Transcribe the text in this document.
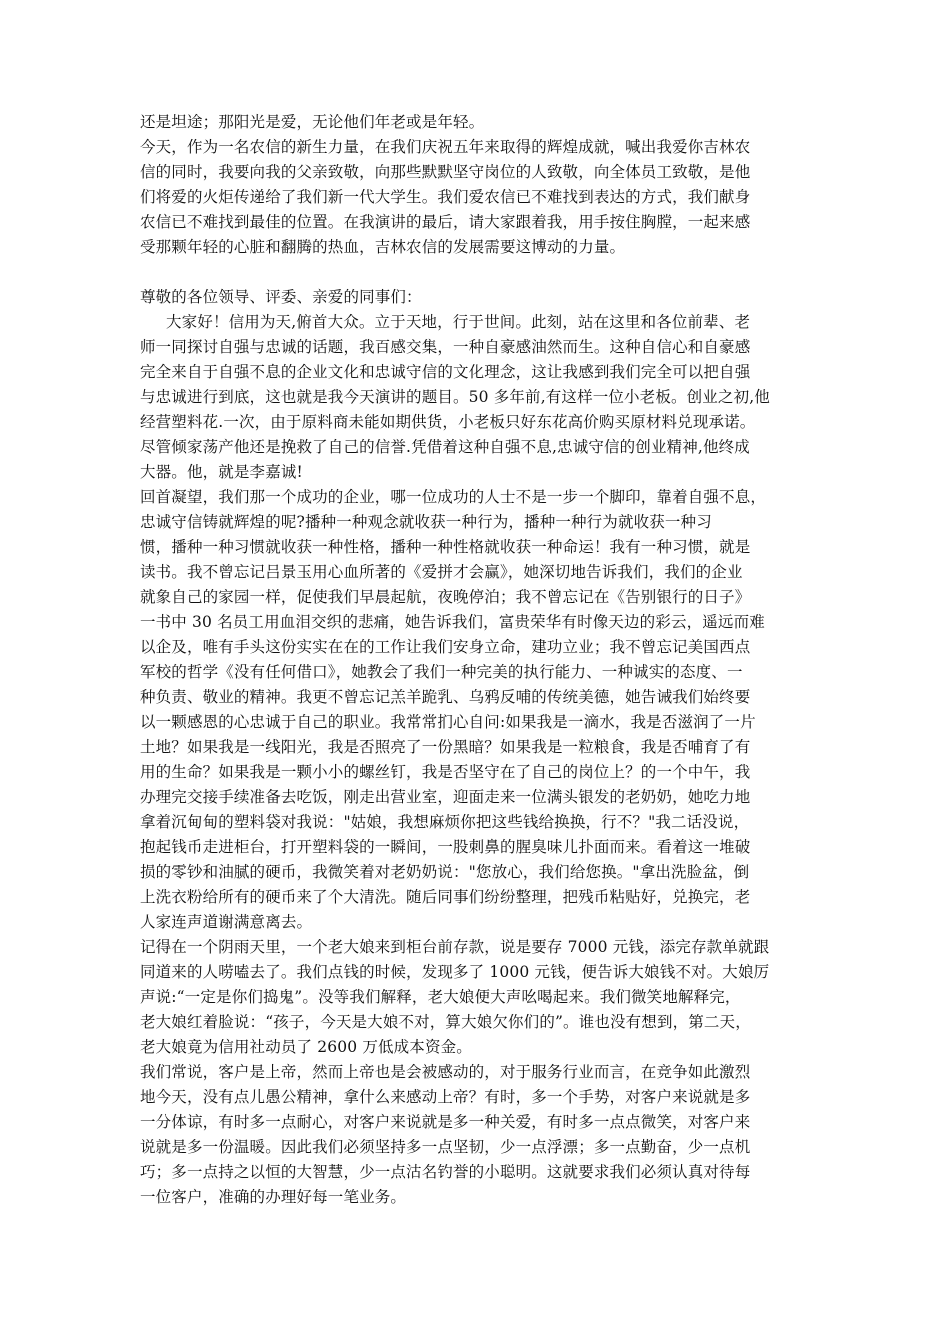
还是坦途；那阳光是爱，无论他们年老或是年轻。
今天，作为一名农信的新生力量，在我们庆祝五年来取得的辉煌成就，喊出我爱你吉林农
信的同时，我要向我的父亲致敬，向那些默默坚守岗位的人致敬，向全体员工致敬，是他
们将爱的火炬传递给了我们新一代大学生。我们爱农信已不难找到表达的方式，我们献身
农信已不难找到最佳的位置。在我演讲的最后，请大家跟着我，用手按住胸膛，一起来感
受那颗年轻的心脏和翻腾的热血，吉林农信的发展需要这博动的力量。
尊敬的各位领导、评委、亲爱的同事们：
大家好！信用为天,俯首大众。立于天地，行于世间。此刻，站在这里和各位前辈、老
师一同探讨自强与忠诚的话题，我百感交集，一种自豪感油然而生。这种自信心和自豪感
完全来自于自强不息的企业文化和忠诚守信的文化理念，这让我感到我们完全可以把自强
与忠诚进行到底，这也就是我今天演讲的题目。50 多年前,有这样一位小老板。创业之初,他
经营塑料花.一次，由于原料商未能如期供货，小老板只好东花高价购买原材料兑现承诺。
尽管倾家荡产他还是挽救了自己的信誉.凭借着这种自强不息,忠诚守信的创业精神,他终成
大器。他，就是李嘉诚!
回首凝望，我们那一个成功的企业，哪一位成功的人士不是一步一个脚印，靠着自强不息，
忠诚守信铸就辉煌的呢?播种一种观念就收获一种行为，播种一种行为就收获一种习
惯，播种一种习惯就收获一种性格，播种一种性格就收获一种命运！我有一种习惯，就是
读书。我不曾忘记吕景玉用心血所著的《爱拼才会赢》，她深切地告诉我们，我们的企业
就象自己的家园一样，促使我们早晨起航，夜晚停泊；我不曾忘记在《告别银行的日子》
一书中 30 名员工用血泪交织的悲痛，她告诉我们，富贵荣华有时像天边的彩云，遥远而难
以企及，唯有手头这份实实在在的工作让我们安身立命，建功立业；我不曾忘记美国西点
军校的哲学《没有任何借口》，她教会了我们一种完美的执行能力、一种诚实的态度、一
种负责、敬业的精神。我更不曾忘记羔羊跪乳、乌鸦反哺的传统美德，她告诫我们始终要
以一颗感恩的心忠诚于自己的职业。我常常扪心自问:如果我是一滴水，我是否滋润了一片
土地？如果我是一线阳光，我是否照亮了一份黑暗？如果我是一粒粮食，我是否哺育了有
用的生命？如果我是一颗小小的螺丝钉，我是否坚守在了自己的岗位上？的一个中午，我
办理完交接手续准备去吃饭，刚走出营业室，迎面走来一位满头银发的老奶奶，她吃力地
拿着沉甸甸的塑料袋对我说："姑娘，我想麻烦你把这些钱给换换，行不？"我二话没说，
抱起钱币走进柜台，打开塑料袋的一瞬间，一股刺鼻的腥臭味儿扑面而来。看着这一堆破
损的零钞和油腻的硬币，我微笑着对老奶奶说："您放心，我们给您换。"拿出洗脸盆，倒
上洗衣粉给所有的硬币来了个大清洗。随后同事们纷纷整理，把残币粘贴好，兑换完，老
人家连声道谢满意离去。
记得在一个阴雨天里，一个老大娘来到柜台前存款，说是要存 7000 元钱，添完存款单就跟
同道来的人唠嗑去了。我们点钱的时候，发现多了 1000 元钱，便告诉大娘钱不对。大娘厉
声说:“一定是你们捣鬼”。没等我们解释，老大娘便大声吆喝起来。我们微笑地解释完，
老大娘红着脸说：“孩子，今天是大娘不对，算大娘欠你们的”。谁也没有想到，第二天，
老大娘竟为信用社动员了 2600 万低成本资金。
我们常说，客户是上帝，然而上帝也是会被感动的，对于服务行业而言，在竞争如此激烈
地今天，没有点儿愚公精神，拿什么来感动上帝？有时，多一个手势，对客户来说就是多
一分体谅，有时多一点耐心，对客户来说就是多一种关爱，有时多一点点微笑，对客户来
说就是多一份温暖。因此我们必须坚持多一点坚韧，少一点浮漂；多一点勤奋，少一点机
巧；多一点持之以恒的大智慧，少一点沽名钓誉的小聪明。这就要求我们必须认真对待每
一位客户，准确的办理好每一笔业务。
